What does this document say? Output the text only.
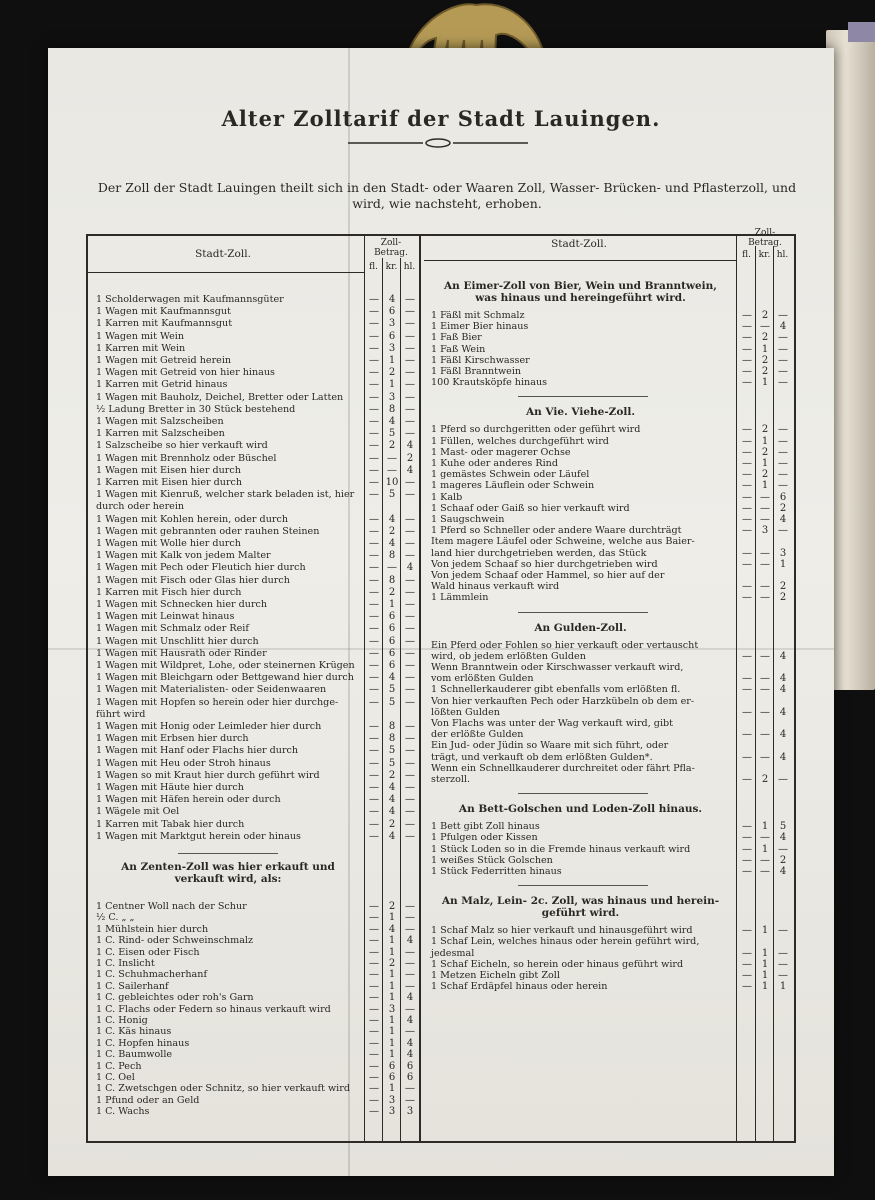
Alter Zolltarif der Stadt Lauingen.
Der Zoll der Stadt Lauingen theilt sich in den Stadt- oder Waaren Zoll, Wasser- Brücken- und Pflasterzoll, und wird, wie nachsteht, erhoben.
Stadt-Zoll.
Zoll-Betrag.
fl. kr. hl.
Stadt-Zoll.
Zoll-Betrag.
fl. kr. hl.
1 Scholderwagen mit Kaufmannsgüter	— 4 —
1 Wagen mit Kaufmannsgut	— 6 —
1 Karren mit Kaufmannsgut	— 3 —
1 Wagen mit Wein	— 6 —
1 Karren mit Wein	— 3 —
1 Wagen mit Getreid herein	— 1 —
1 Wagen mit Getreid von hier hinaus	— 2 —
1 Karren mit Getrid hinaus	— 1 —
1 Wagen mit Bauholz, Deichel, Bretter oder Latten	— 3 —
½ Ladung Bretter in 30 Stück bestehend	— 8 —
1 Wagen mit Salzscheiben	— 4 —
1 Karren mit Salzscheiben	— 5 —
1 Salzscheibe so hier verkauft wird	— 2	4
1 Wagen mit Brennholz oder Büschel	— — 2
1 Wagen mit Eisen hier durch	— — 4
1 Karren mit Eisen hier durch	— 10 —
1 Wagen mit Kienruß, welcher stark beladen ist, hier	— 5 —
durch oder herein
1 Wagen mit Kohlen herein, oder durch	— 4 —
1 Wagen mit gebrannten oder rauhen Steinen	— 2 —
1 Wagen mit Wolle hier durch	— 4 —
1 Wagen mit Kalk von jedem Malter	— 8 —
1 Wagen mit Pech oder Fleutich hier durch	— — 4
1 Wagen mit Fisch oder Glas hier durch	— 8 —
1 Karren mit Fisch hier durch	— 2 —
1 Wagen mit Schnecken hier durch	— 1 —
1 Wagen mit Leinwat hinaus	— 6 —
1 Wagen mit Schmalz oder Reif	— 6 —
1 Wagen mit Unschlitt hier durch	— 6 —
1 Wagen mit Hausrath oder Rinder	— 6 —
1 Wagen mit Wildpret, Lohe, oder steinernen Krügen	— 6 —
1 Wagen mit Bleichgarn oder Bettgewand hier durch	— 4 —
1 Wagen mit Materialisten- oder Seidenwaaren	— 5 —
1 Wagen mit Hopfen so herein oder hier durchge-	— 5 —
führt wird
1 Wagen mit Honig oder Leimleder hier durch	— 8 —
1 Wagen mit Erbsen hier durch	— 8 —
1 Wagen mit Hanf oder Flachs hier durch	— 5 —
1 Wagen mit Heu oder Stroh hinaus	— 5 —
1 Wagen so mit Kraut hier durch geführt wird	— 2 —
1 Wagen mit Häute hier durch	— 4 —
1 Wagen mit Häfen herein oder durch	— 4 —
1 Wägele mit Oel	— 4 —
1 Karren mit Tabak hier durch	— 2 —
1 Wagen mit Marktgut herein oder hinaus	— 4 —
An Zenten-Zoll was hier erkauft und verkauft wird, als:
1 Centner Woll nach der Schur	— 2 —
½ C. „ „	— 1 —
1 Mühlstein hier durch	— 4 —
1 C. Rind- oder Schweinschmalz	— 1	4
1 C. Eisen oder Fisch	— 1 —
1 C. Inslicht	— 2 —
1 C. Schuhmacherhanf	— 1 —
1 C. Sailerhanf	— 1 —
1 C. gebleichtes oder roh's Garn	— 1	4
1 C. Flachs oder Federn so hinaus verkauft wird	— 3 —
1 C. Honig	— 1	4
1 C. Käs hinaus	— 1 —
1 C. Hopfen hinaus	— 1	4
1 C. Baumwolle	— 1	4
1 C. Pech	— 6	6
1 C. Oel	— 6	6
1 C. Zwetschgen oder Schnitz, so hier verkauft wird	— 1 —
1 Pfund oder an Geld	— 3 —
1 C. Wachs	— 3	3
An Eimer-Zoll von Bier, Wein und Branntwein, was hinaus und hereingeführt wird.
1 Fäßl mit Schmalz	— 2 —
1 Eimer Bier hinaus	— — 4
1 Faß Bier	— 2 —
1 Faß Wein	— 1 —
1 Fäßl Kirschwasser	— 2 —
1 Fäßl Branntwein	— 2 —
100 Krautsköpfe hinaus	— 1 —
An Vie. Viehe-Zoll.
1 Pferd so durchgeritten oder geführt wird	— 2 —
1 Füllen, welches durchgeführt wird	— 1 —
1 Mast- oder magerer Ochse	— 2 —
1 Kuhe oder anderes Rind	— 1 —
1 gemästes Schwein oder Läufel	— 2 —
1 mageres Läuflein oder Schwein	— 1 —
1 Kalb	— — 6
1 Schaaf oder Gaiß so hier verkauft wird	— — 2
1 Saugschwein	— — 4
1 Pferd so Schneller oder andere Waare durchträgt	— 3 —
Item magere Läufel oder Schweine, welche aus Baier-
land hier durchgetrieben werden, das Stück	— — 3
Von jedem Schaaf so hier durchgetrieben wird	— — 1
Von jedem Schaaf oder Hammel, so hier auf der
Wald hinaus verkauft wird	— — 2
1 Lämmlein	— — 2
An Gulden-Zoll.
Ein Pferd oder Fohlen so hier verkauft oder vertauscht
wird, ob jedem erlößten Gulden	— — 4
Wenn Branntwein oder Kirschwasser verkauft wird,
vom erlößten Gulden	— — 4
1 Schnellerkauderer gibt ebenfalls vom erlößten fl.	— — 4
Von hier verkauften Pech oder Harzkübeln ob dem er-
lößten Gulden	— — 4
Von Flachs was unter der Wag verkauft wird, gibt
der erlößte Gulden	— — 4
Ein Jud- oder Jüdin so Waare mit sich führt, oder
trägt, und verkauft ob dem erlößten Gulden*.	— — 4
Wenn ein Schnellkauderer durchreitet oder fährt Pfla-
sterzoll.	— 2 —
An Bett-Golschen und Loden-Zoll hinaus.
1 Bett gibt Zoll hinaus	— 1	5
1 Pfulgen oder Kissen	— — 4
1 Stück Loden so in die Fremde hinaus verkauft wird	— 1 —
1 weißes Stück Golschen	— — 2
1 Stück Federritten hinaus	— — 4
An Malz, Lein- 2c. Zoll, was hinaus und herein- geführt wird.
1 Schaf Malz so hier verkauft und hinausgeführt wird	— 1 —
1 Schaf Lein, welches hinaus oder herein geführt wird,
jedesmal	— 1 —
1 Schaf Eicheln, so herein oder hinaus geführt wird	— 1 —
1 Metzen Eicheln gibt Zoll	— 1 —
1 Schaf Erdäpfel hinaus oder herein	— 1	1
